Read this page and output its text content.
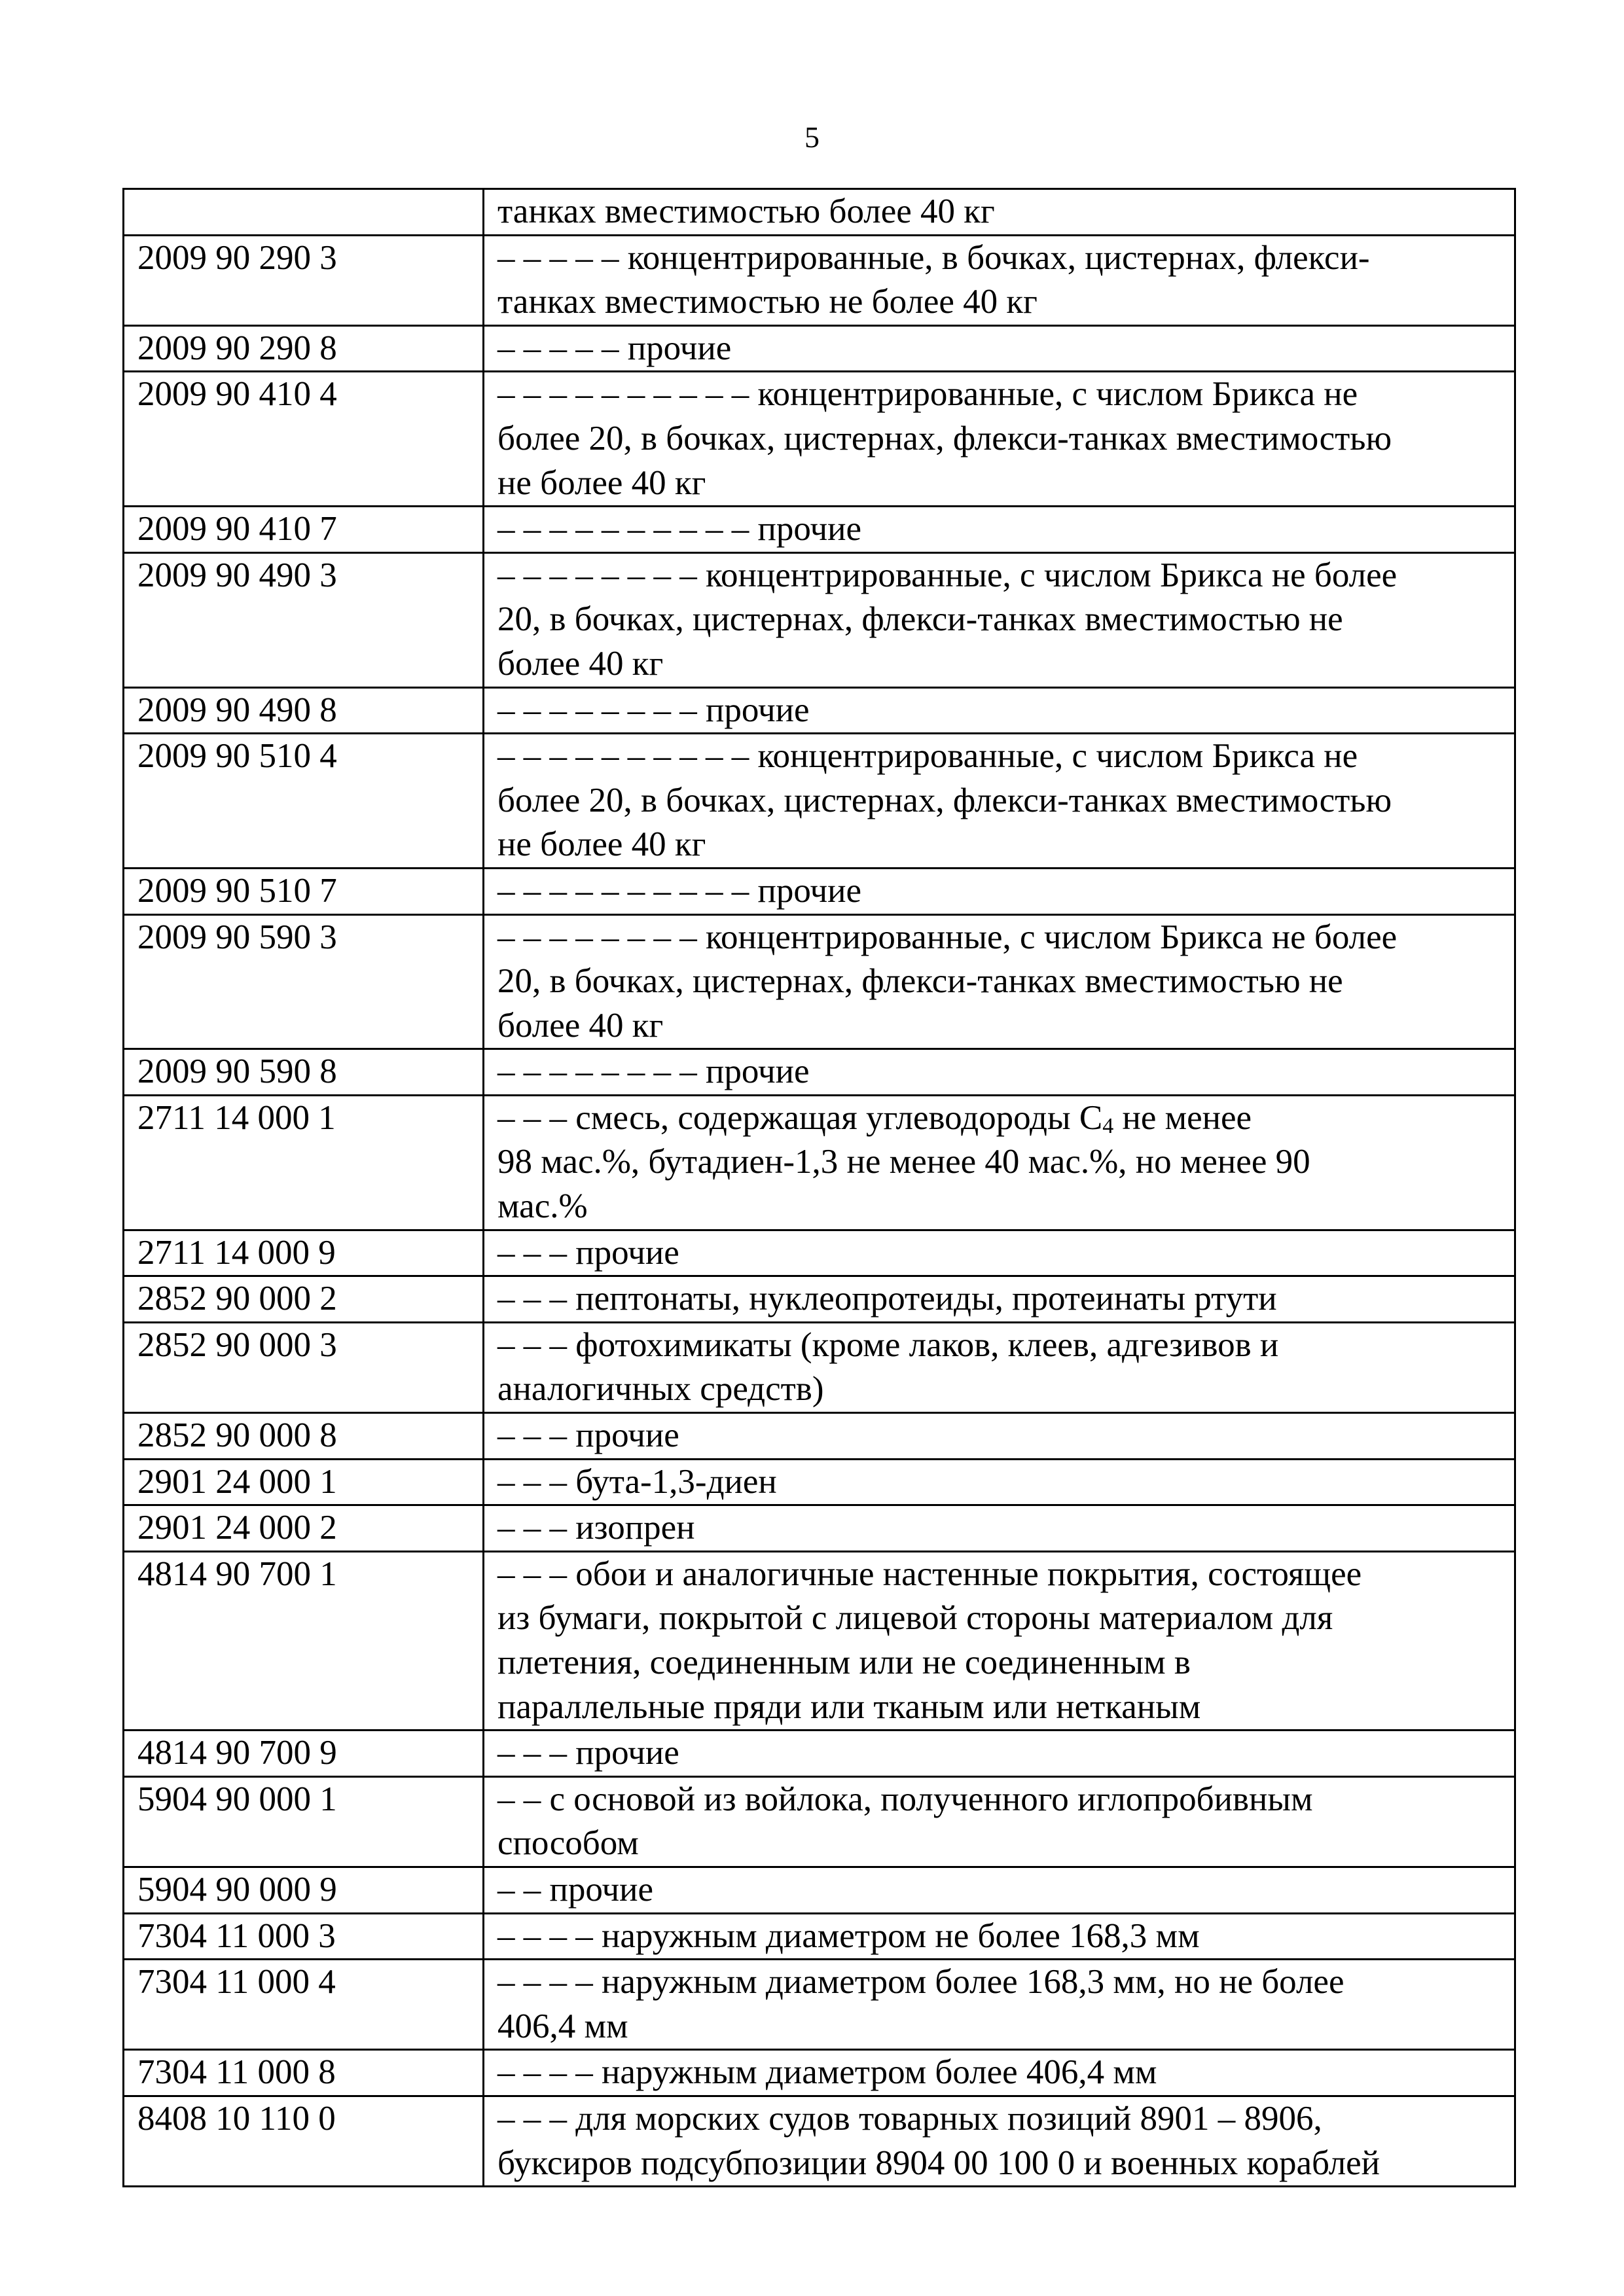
5
	танках вместимостью более 40 кг
2009 90 290 3	– – – – – концентрированные, в бочках, цистернах, флекси-
танках вместимостью не более 40 кг
2009 90 290 8	– – – – – прочие
2009 90 410 4	– – – – – – – – – – концентрированные, с числом Брикса не
более 20, в бочках, цистернах, флекси-танках вместимостью
не более 40 кг
2009 90 410 7	– – – – – – – – – – прочие
2009 90 490 3	– – – – – – – – концентрированные, с числом Брикса не более
20, в бочках, цистернах, флекси-танках вместимостью не
более 40 кг
2009 90 490 8	– – – – – – – – прочие
2009 90 510 4	– – – – – – – – – – концентрированные, с числом Брикса не
более 20, в бочках, цистернах, флекси-танках вместимостью
не более 40 кг
2009 90 510 7	– – – – – – – – – – прочие
2009 90 590 3	– – – – – – – – концентрированные, с числом Брикса не более
20, в бочках, цистернах, флекси-танках вместимостью не
более 40 кг
2009 90 590 8	– – – – – – – – прочие
2711 14 000 1	– – – смесь, содержащая углеводороды $С_4$ не менее
98 мас.%, бутадиен-1,3 не менее 40 мас.%, но менее 90
мас.%
2711 14 000 9	– – – прочие
2852 90 000 2	– – – пептонаты, нуклеопротеиды, протеинаты ртути
2852 90 000 3	– – – фотохимикаты (кроме лаков, клеев, адгезивов и
аналогичных средств)
2852 90 000 8	– – – прочие
2901 24 000 1	– – – бута-1,3-диен
2901 24 000 2	– – – изопрен
4814 90 700 1	– – – обои и аналогичные настенные покрытия, состоящее
из бумаги, покрытой с лицевой стороны материалом для
плетения, соединенным или не соединенным в
параллельные пряди или тканым или нетканым
4814 90 700 9	– – – прочие
5904 90 000 1	– – с основой из войлока, полученного иглопробивным
способом
5904 90 000 9	– – прочие
7304 11 000 3	– – – – наружным диаметром не более 168,3 мм
7304 11 000 4	– – – – наружным диаметром более 168,3 мм, но не более
406,4 мм
7304 11 000 8	– – – – наружным диаметром более 406,4 мм
8408 10 110 0	– – – для морских судов товарных позиций 8901 – 8906,
буксиров подсубпозиции 8904 00 100 0 и военных кораблей
